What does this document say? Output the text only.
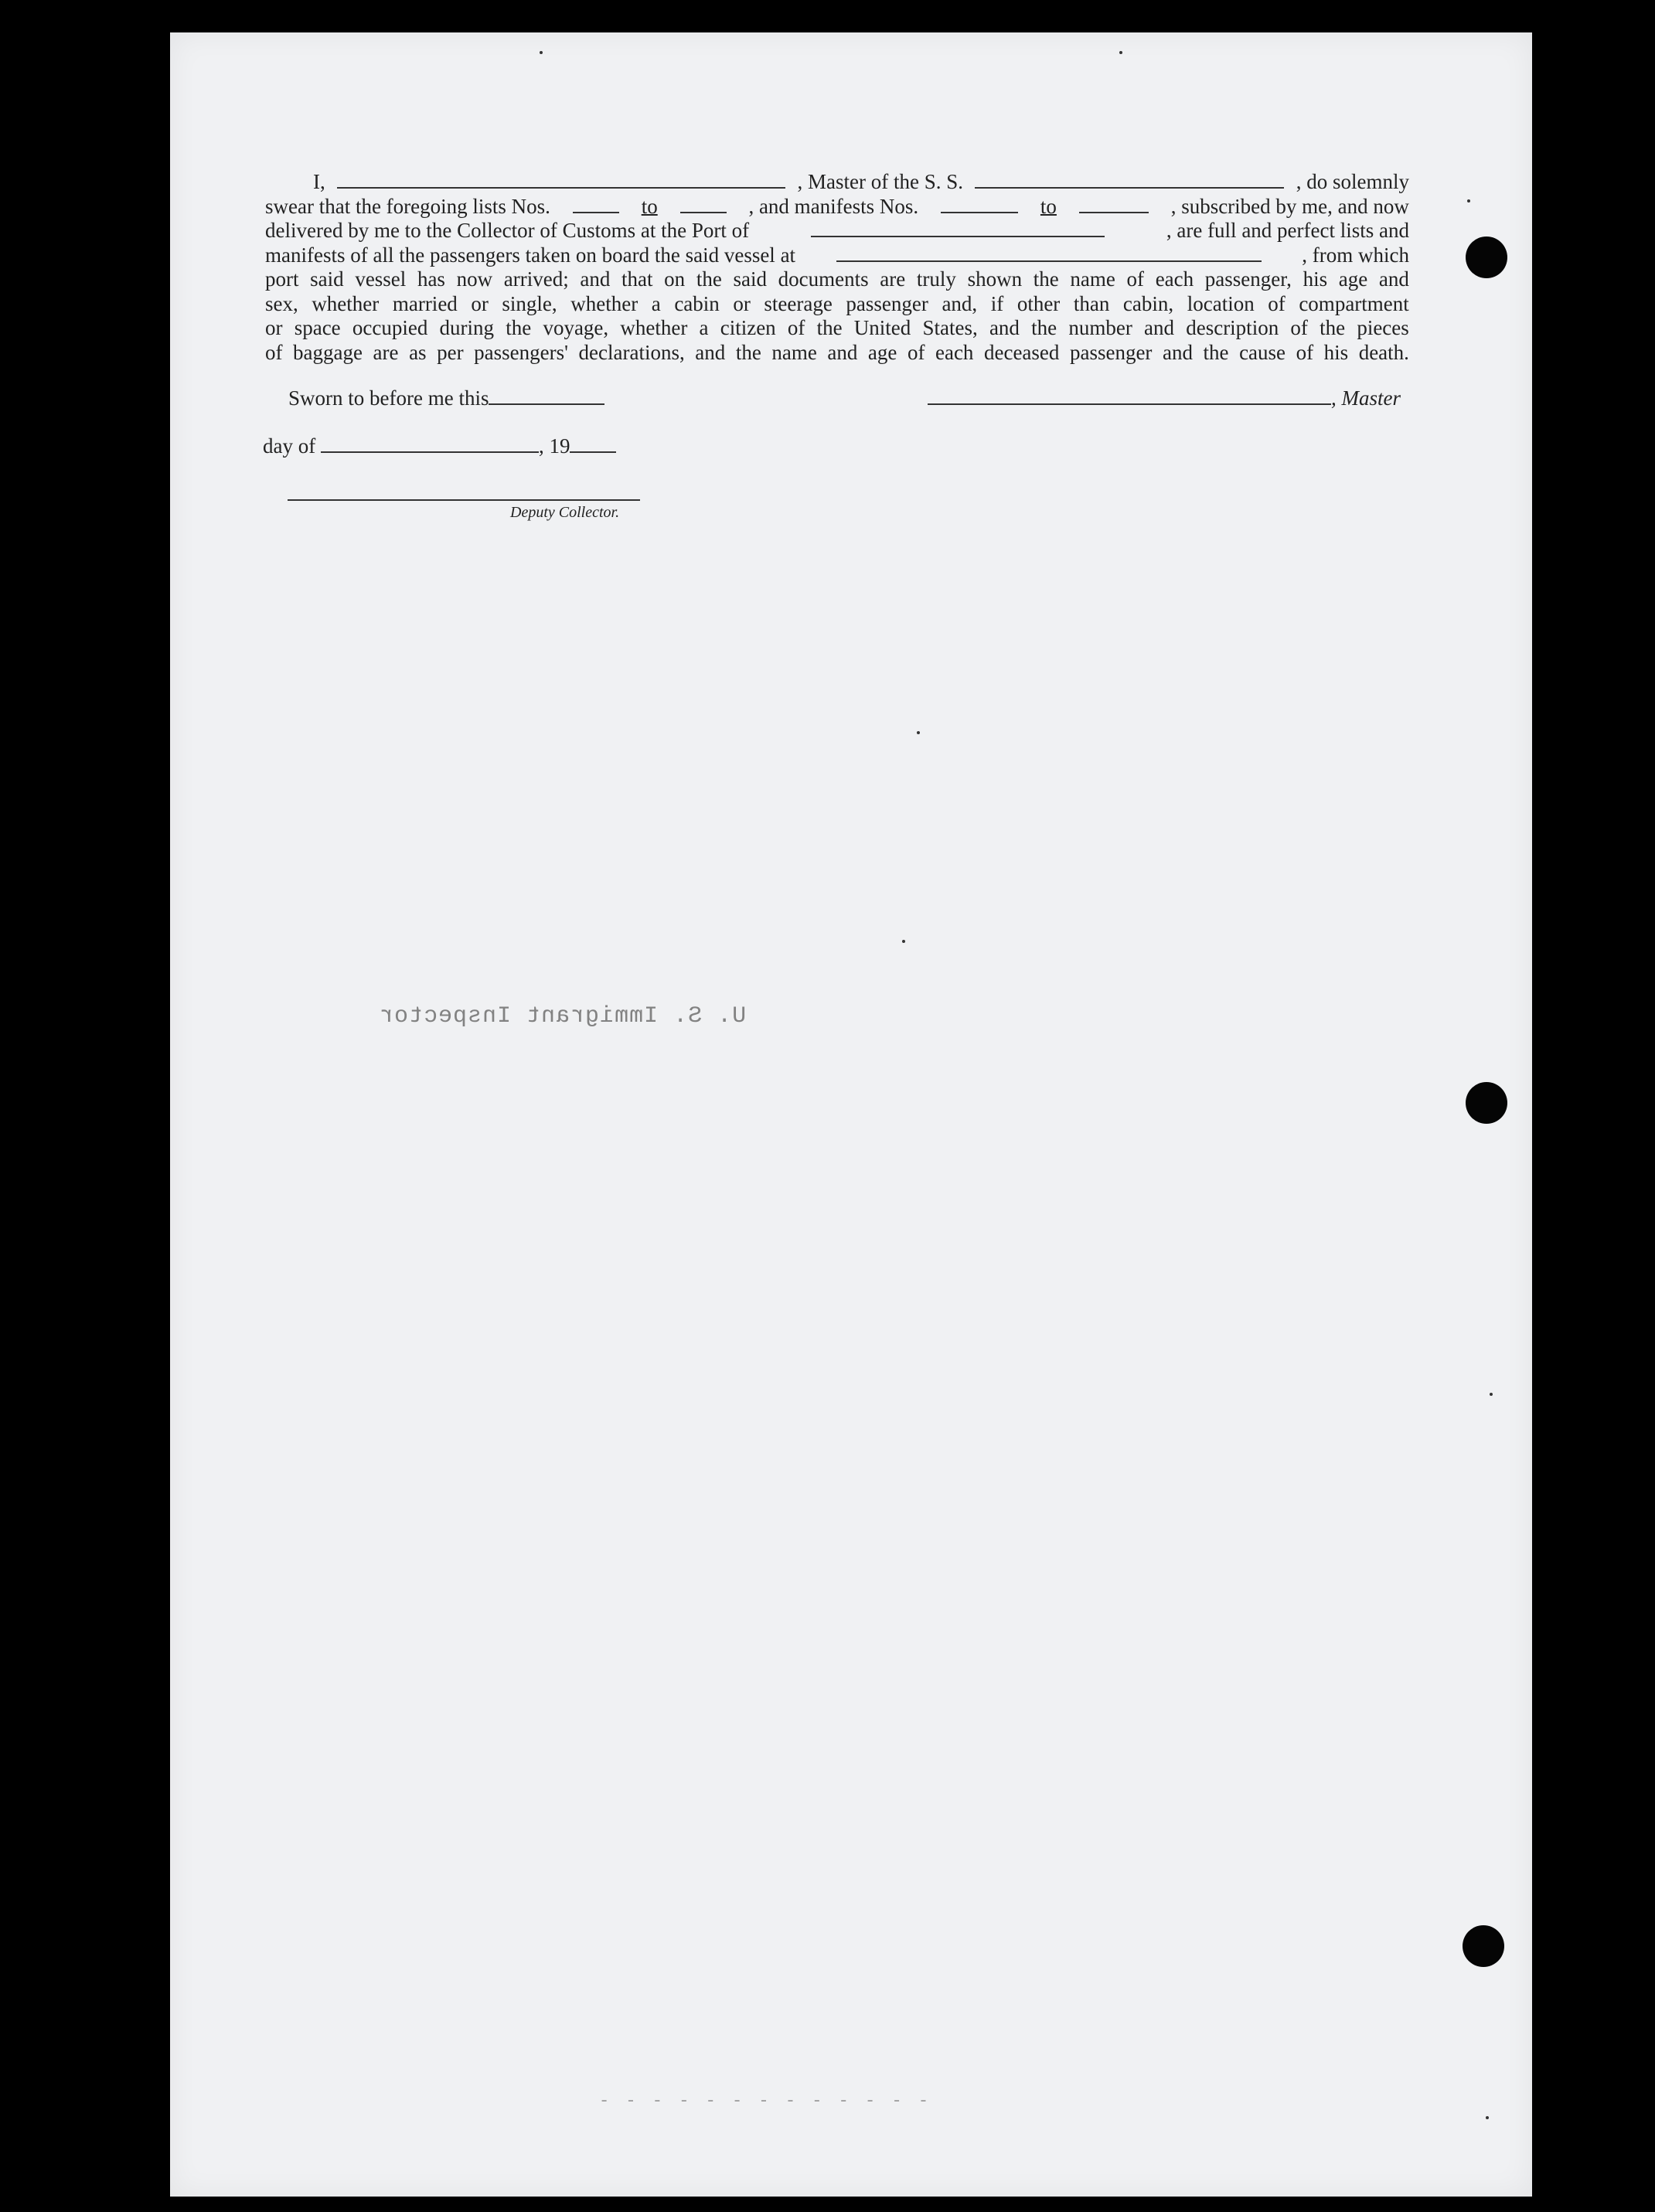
I,	, Master of the S. S.	, do solemnly
swear that the foregoing lists Nos.	to	, and manifests Nos.	to	, subscribed by me, and now
delivered by me to the Collector of Customs at the Port of	, are full and perfect lists and
manifests of all the passengers taken on board the said vessel at	, from which
port said vessel has now arrived; and that on the said documents are truly shown the name of each passenger, his age and
sex, whether married or single, whether a cabin or steerage passenger and, if other than cabin, location of compartment
or space occupied during the voyage, whether a citizen of the United States, and the number and description of the pieces
of baggage are as per passengers' declarations, and the name and age of each deceased passenger and the cause of his death.
Sworn to before me this	, Master
day of	, 19
Deputy Collector.
U. S. Immigrant Inspector
- - - - - - - - - - - - -
